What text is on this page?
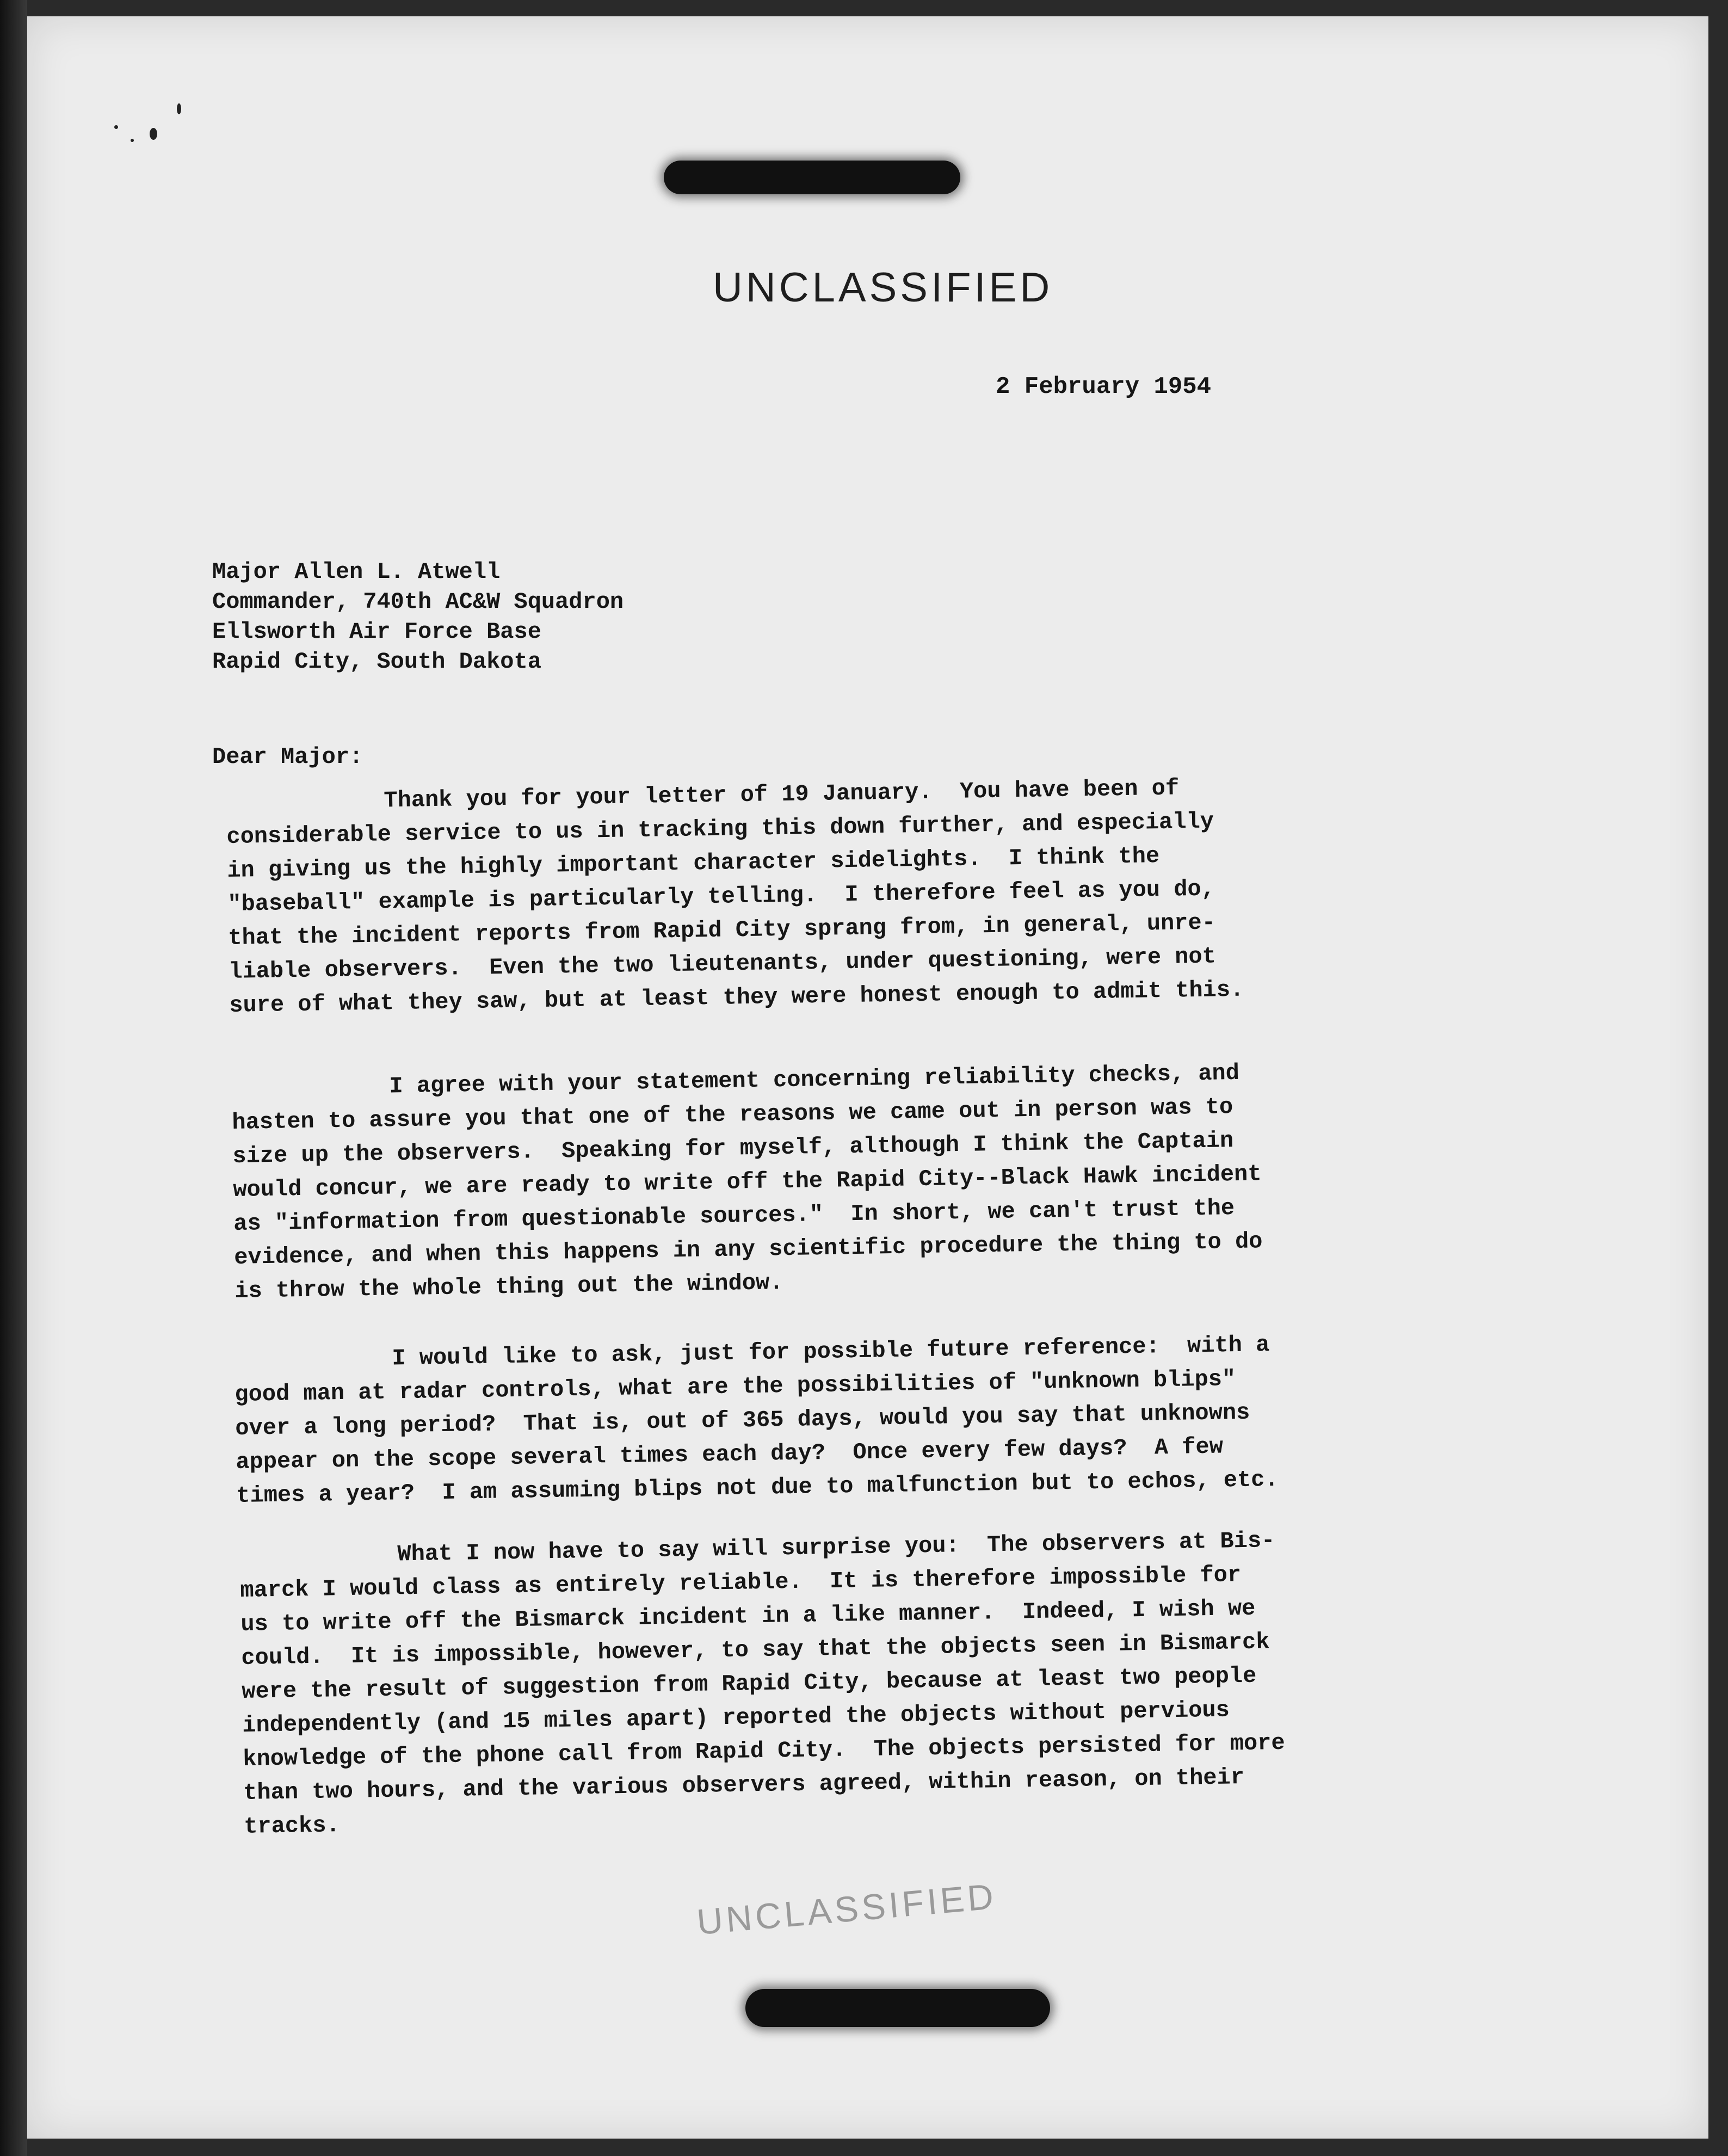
UNCLASSIFIED
2 February 1954
Major Allen L. Atwell
Commander, 740th AC&W Squadron
Ellsworth Air Force Base
Rapid City, South Dakota
Dear Major:
Thank you for your letter of 19 January.  You have been of
considerable service to us in tracking this down further, and especially
in giving us the highly important character sidelights.  I think the
"baseball" example is particularly telling.  I therefore feel as you do,
that the incident reports from Rapid City sprang from, in general, unre-
liable observers.  Even the two lieutenants, under questioning, were not
sure of what they saw, but at least they were honest enough to admit this.
I agree with your statement concerning reliability checks, and
hasten to assure you that one of the reasons we came out in person was to
size up the observers.  Speaking for myself, although I think the Captain
would concur, we are ready to write off the Rapid City--Black Hawk incident
as "information from questionable sources."  In short, we can't trust the
evidence, and when this happens in any scientific procedure the thing to do
is throw the whole thing out the window.
I would like to ask, just for possible future reference:  with a
good man at radar controls, what are the possibilities of "unknown blips"
over a long period?  That is, out of 365 days, would you say that unknowns
appear on the scope several times each day?  Once every few days?  A few
times a year?  I am assuming blips not due to malfunction but to echos, etc.
What I now have to say will surprise you:  The observers at Bis-
marck I would class as entirely reliable.  It is therefore impossible for
us to write off the Bismarck incident in a like manner.  Indeed, I wish we
could.  It is impossible, however, to say that the objects seen in Bismarck
were the result of suggestion from Rapid City, because at least two people
independently (and 15 miles apart) reported the objects without pervious
knowledge of the phone call from Rapid City.  The objects persisted for more
than two hours, and the various observers agreed, within reason, on their
tracks.
UNCLASSIFIED
